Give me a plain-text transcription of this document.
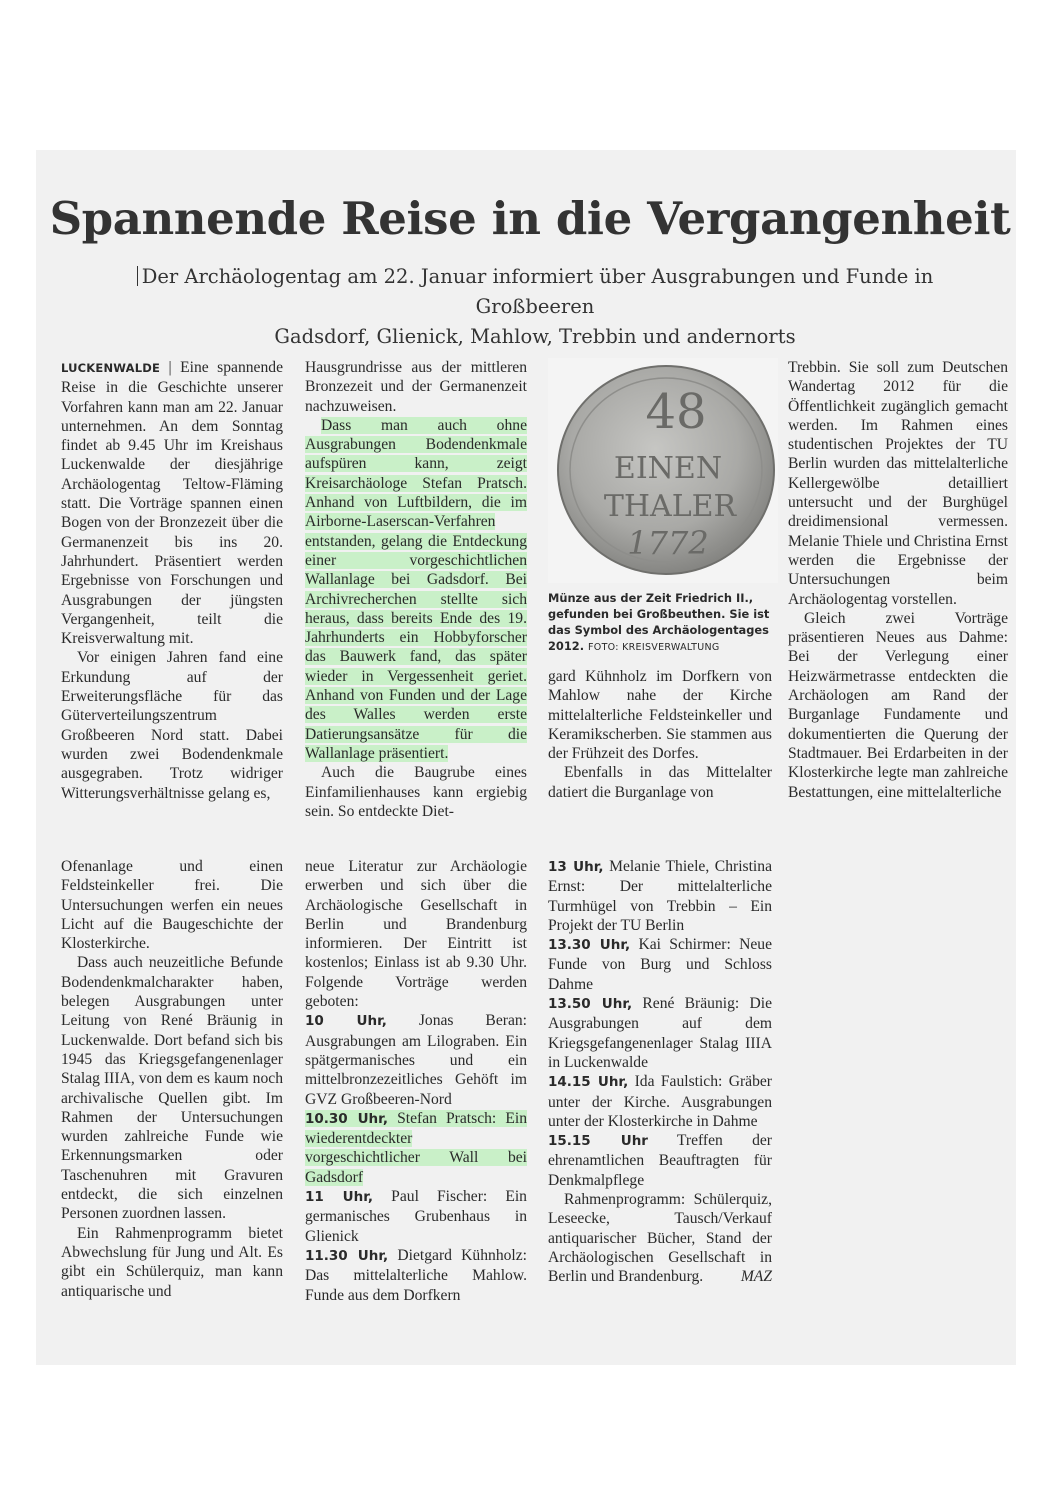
Spannende Reise in die Vergangenheit
Der Archäologentag am 22. Januar informiert über Ausgrabungen und Funde in Großbeeren
Gadsdorf, Glienick, Mahlow, Trebbin und andernorts

LUCKENWALDE | Eine spannende Reise in die Geschichte unserer Vorfahren kann man am 22. Januar unternehmen. An dem Sonntag findet ab 9.45 Uhr im Kreishaus Luckenwalde der diesjährige Archäologentag Teltow-Fläming statt. Die Vorträge spannen einen Bogen von der Bronzezeit über die Germanenzeit bis ins 20. Jahrhundert. Präsentiert werden Ergebnisse von Forschungen und Ausgrabungen der jüngsten Vergangenheit, teilt die Kreisverwaltung mit.

Vor einigen Jahren fand eine Erkundung auf der Erweiterungsfläche für das Güterverteilungszentrum Großbeeren Nord statt. Dabei wurden zwei Bodendenkmale ausgegraben. Trotz widriger Witterungsverhältnisse gelang es,

Hausgrundrisse aus der mittleren Bronzezeit und der Germanenzeit nachzuweisen.

Dass man auch ohne Ausgrabungen Bodendenkmale aufspüren kann, zeigt Kreisarchäologe Stefan Pratsch. Anhand von Luftbildern, die im Airborne-Laserscan-Verfahren entstanden, gelang die Entdeckung einer vorgeschichtlichen Wallanlage bei Gadsdorf. Bei Archivrecherchen stellte sich heraus, dass bereits Ende des 19. Jahrhunderts ein Hobbyforscher das Bauwerk fand, das später wieder in Vergessenheit geriet. Anhand von Funden und der Lage des Walles werden erste Datierungsansätze für die Wallanlage präsentiert.

Auch die Baugrube eines Einfamilienhauses kann ergiebig sein. So entdeckte Diet-

48
EINEN
THALER
1772
Münze aus der Zeit Friedrich II., gefunden bei Großbeuthen. Sie ist das Symbol des Archäologentages 2012. FOTO: KREISVERWALTUNG

gard Kühnholz im Dorfkern von Mahlow nahe der Kirche mittelalterliche Feldsteinkeller und Keramikscherben. Sie stammen aus der Frühzeit des Dorfes.

Ebenfalls in das Mittelalter datiert die Burganlage von

Trebbin. Sie soll zum Deutschen Wandertag 2012 für die Öffentlichkeit zugänglich gemacht werden. Im Rahmen eines studentischen Projektes der TU Berlin wurden das mittelalterliche Kellergewölbe detailliert untersucht und der Burghügel dreidimensional vermessen. Melanie Thiele und Christina Ernst werden die Ergebnisse der Untersuchungen beim Archäologentag vorstellen.

Gleich zwei Vorträge präsentieren Neues aus Dahme: Bei der Verlegung einer Heizwärmetrasse entdeckten die Archäologen am Rand der Burganlage Fundamente und dokumentierten die Querung der Stadtmauer. Bei Erdarbeiten in der Klosterkirche legte man zahlreiche Bestattungen, eine mittelalterliche

Ofenanlage und einen Feldsteinkeller frei. Die Untersuchungen werfen ein neues Licht auf die Baugeschichte der Klosterkirche.

Dass auch neuzeitliche Befunde Bodendenkmalcharakter haben, belegen Ausgrabungen unter Leitung von René Bräunig in Luckenwalde. Dort befand sich bis 1945 das Kriegsgefangenenlager Stalag IIIA, von dem es kaum noch archivalische Quellen gibt. Im Rahmen der Untersuchungen wurden zahlreiche Funde wie Erkennungsmarken oder Taschenuhren mit Gravuren entdeckt, die sich einzelnen Personen zuordnen lassen.

Ein Rahmenprogramm bietet Abwechslung für Jung und Alt. Es gibt ein Schülerquiz, man kann antiquarische und

neue Literatur zur Archäologie erwerben und sich über die Archäologische Gesellschaft in Berlin und Brandenburg informieren. Der Eintritt ist kostenlos; Einlass ist ab 9.30 Uhr. Folgende Vorträge werden geboten:

10 Uhr, Jonas Beran: Ausgrabungen am Lilograben. Ein spätgermanisches und ein mittelbronzezeitliches Gehöft im GVZ Großbeeren-Nord

10.30 Uhr, Stefan Pratsch: Ein wiederentdeckter vorgeschichtlicher Wall bei Gadsdorf

11 Uhr, Paul Fischer: Ein germanisches Grubenhaus in Glienick

11.30 Uhr, Dietgard Kühnholz: Das mittelalterliche Mahlow. Funde aus dem Dorfkern

13 Uhr, Melanie Thiele, Christina Ernst: Der mittelalterliche Turmhügel von Trebbin – Ein Projekt der TU Berlin

13.30 Uhr, Kai Schirmer: Neue Funde von Burg und Schloss Dahme

13.50 Uhr, René Bräunig: Die Ausgrabungen auf dem Kriegsgefangenenlager Stalag IIIA in Luckenwalde

14.15 Uhr, Ida Faulstich: Gräber unter der Kirche. Ausgrabungen unter der Klosterkirche in Dahme

15.15 Uhr Treffen der ehrenamtlichen Beauftragten für Denkmalpflege

Rahmenprogramm: Schülerquiz, Leseecke, Tausch/Verkauf antiquarischer Bücher, Stand der Archäologischen Gesellschaft in Berlin und Brandenburg.	MAZ
